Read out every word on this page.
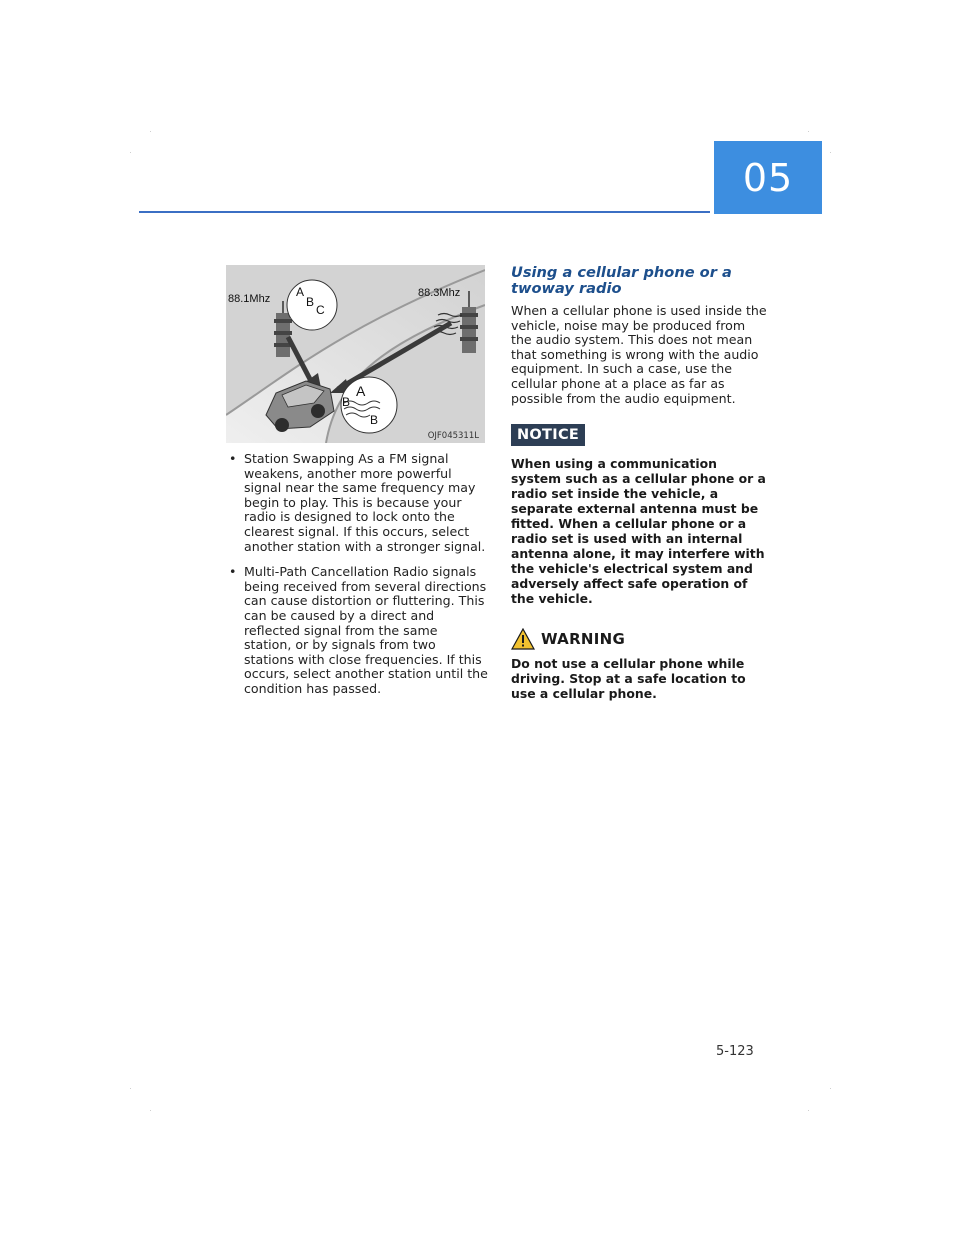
05
88.1Mhz	88.3Mhz
A
B
C
A
B
B
OJF045311L
• Station Swapping As a FM signal weakens, another more powerful signal near the same frequency may begin to play. This is because your radio is designed to lock onto the clearest signal. If this occurs, select another station with a stronger signal.
• Multi-Path Cancellation Radio signals being received from several directions can cause distortion or fluttering. This can be caused by a direct and reflected signal from the same station, or by signals from two stations with close frequencies. If this occurs, select another station until the condition has passed.
Using a cellular phone or a twoway radio

When a cellular phone is used inside the vehicle, noise may be produced from the audio system. This does not mean that something is wrong with the audio equipment. In such a case, use the cellular phone at a place as far as possible from the audio equipment.

NOTICE

When using a communication system such as a cellular phone or a radio set inside the vehicle, a separate external antenna must be fitted. When a cellular phone or a radio set is used with an internal antenna alone, it may interfere with the vehicle's electrical system and adversely affect safe operation of the vehicle.

WARNING

Do not use a cellular phone while driving. Stop at a safe location to use a cellular phone.

5-123
